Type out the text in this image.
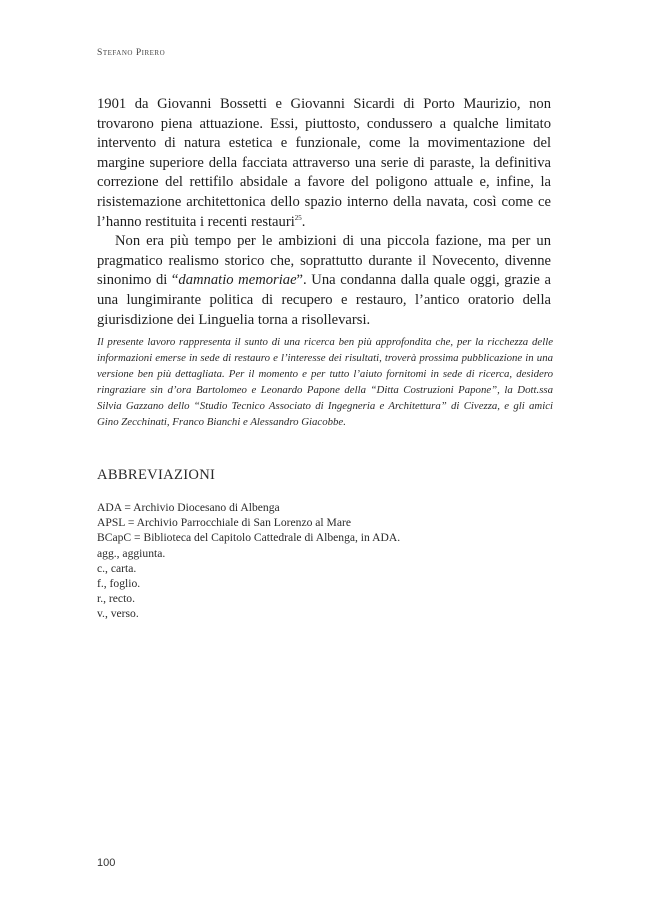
Stefano Pirero

1901 da Giovanni Bossetti e Giovanni Sicardi di Porto Maurizio, non trovarono piena attuazione. Essi, piuttosto, condussero a qualche limitato intervento di natura estetica e funzionale, come la movimentazione del margine superiore della facciata attraverso una serie di paraste, la definitiva correzione del rettifilo absidale a favore del poligono attuale e, infine, la risistemazione architettonica dello spazio interno della navata, così come ce l’hanno restituita i recenti restauri$^{25}$.

Non era più tempo per le ambizioni di una piccola fazione, ma per un pragmatico realismo storico che, soprattutto durante il Novecento, divenne sinonimo di “damnatio memoriae”. Una condanna dalla quale oggi, grazie a una lungimirante politica di recupero e restauro, l’antico oratorio della giurisdizione dei Linguelia torna a risollevarsi.

Il presente lavoro rappresenta il sunto di una ricerca ben più approfondita che, per la ricchezza delle informazioni emerse in sede di restauro e l’interesse dei risultati, troverà prossima pubblicazione in una versione ben più dettagliata. Per il momento e per tutto l’aiuto fornitomi in sede di ricerca, desidero ringraziare sin d’ora Bartolomeo e Leonardo Papone della “Ditta Costruzioni Papone”, la Dott.ssa Silvia Gazzano dello “Studio Tecnico Associato di Ingegneria e Architettura” di Civezza, e gli amici Gino Zecchinati, Franco Bianchi e Alessandro Giacobbe.
ABBREVIAZIONI
ADA = Archivio Diocesano di Albenga
APSL = Archivio Parrocchiale di San Lorenzo al Mare
BCapC = Biblioteca del Capitolo Cattedrale di Albenga, in ADA.
agg., aggiunta.
c., carta.
f., foglio.
r., recto.
v., verso.
100
